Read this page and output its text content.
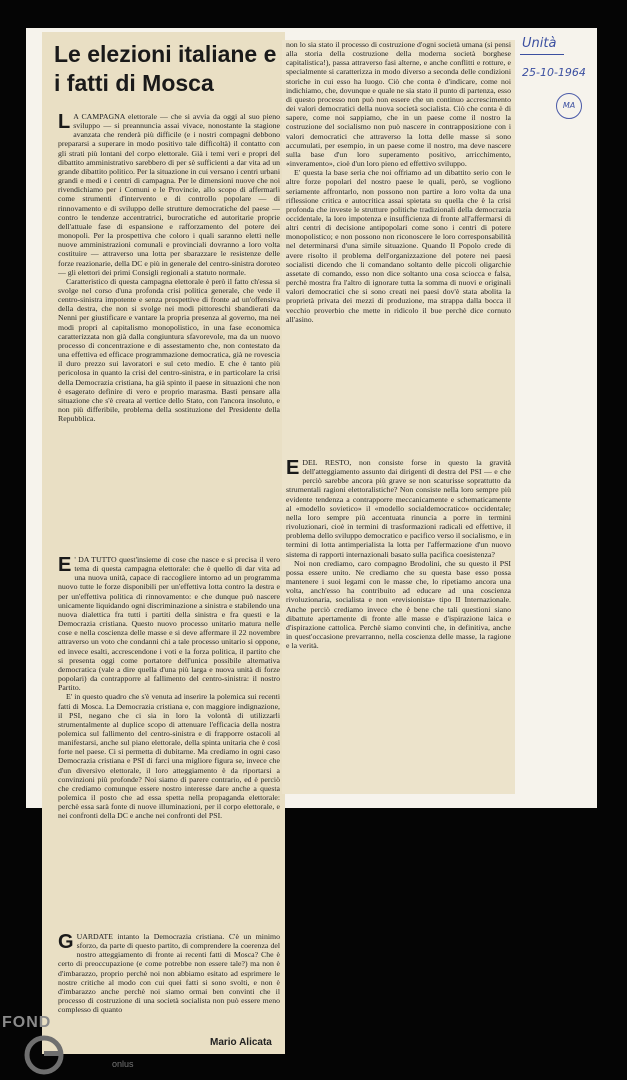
Le elezioni italiane e i fatti di Mosca

L A CAMPAGNA elettorale — che si avvia da oggi al suo pieno sviluppo — si preannuncia assai vivace, nonostante la stagione avanzata che renderà più difficile (e i nostri compagni debbono prepararsi a superare in modo positivo tale difficoltà) il contatto con gli strati più lontani del corpo elettorale. Già i temi veri e propri del dibattito amministrativo sarebbero di per sè sufficienti a dar vita ad un grande dibattito politico. Per la situazione in cui versano i centri urbani grandi e medi e i centri di campagna. Per le dimensioni nuove che noi rivendichiamo per i Comuni e le Provincie, allo scopo di affermarli come strumenti d'intervento e di controllo popolare — di rinnovamento e di sviluppo delle strutture democratiche del paese — contro le tendenze accentratrici, burocratiche ed autoritarie proprie dell'attuale fase di espansione e rafforzamento del potere dei monopoli. Per la prospettiva che coloro i quali saranno eletti nelle nuove amministrazioni comunali e provinciali dovranno a loro volta costituire — attraverso una lotta per sbarazzare le resistenze delle forze reazionarie, della DC e più in generale del centro-sinistra doroteo — gli elettori dei primi Consigli regionali a statuto normale.

Caratteristico di questa campagna elettorale è però il fatto ch'essa si svolge nel corso d'una profonda crisi politica generale, che vede il centro-sinistra impotente e senza prospettive di fronte ad un'offensiva della destra, che non si svolge nei modi pittoreschi sbandierati da Nenni per giustificare e vantare la propria presenza al governo, ma nei modi propri al capitalismo monopolistico, in una fase economica caratterizzata non già dalla congiuntura sfavorevole, ma da un nuovo processo di concentrazione e di assestamento che, non contestato da una effettiva ed efficace programmazione democratica, già ne rovescia il duro prezzo sui lavoratori e sul ceto medio. E che è tanto più pericolosa in quanto la crisi del centro-sinistra, e in particolare la crisi della Democrazia cristiana, ha già spinto il paese in situazioni che non è esagerato definire di vero e proprio marasma. Basti pensare alla situazione che s'è creata al vertice dello Stato, con l'ancora insoluto, e non più differibile, problema della sostituzione del Presidente della Repubblica.

E ' DA TUTTO quest'insieme di cose che nasce e si precisa il vero tema di questa campagna elettorale: che è quello di dar vita ad una nuova unità, capace di raccogliere intorno ad un programma nuovo tutte le forze disponibili per un'effettiva lotta contro la destra e per un'effettiva politica di rinnovamento: e che dunque può nascere unicamente liquidando ogni discriminazione a sinistra e stabilendo una nuova dialettica fra tutti i partiti della sinistra e fra questi e la Democrazia cristiana. Questo nuovo processo unitario matura nelle cose e nella coscienza delle masse e si deve affermare il 22 novembre attraverso un voto che condanni chi a tale processo unitario si oppone, ed invece esalti, accrescendone i voti e la forza politica, il partito che si presenta oggi come portatore dell'unica possibile alternativa democratica (vale a dire quella d'una più larga e nuova unità di forze popolari) da contrapporre al fallimento del centro-sinistra: il nostro Partito.

E' in questo quadro che s'è venuta ad inserire la polemica sui recenti fatti di Mosca. La Democrazia cristiana e, con maggiore indignazione, il PSI, negano che ci sia in loro la volontà di utilizzarli strumentalmente al duplice scopo di attenuare l'efficacia della nostra polemica sul fallimento del centro-sinistra e di frapporre ostacoli al manifestarsi, anche sul piano elettorale, della spinta unitaria che è così forte nel paese. Ci si permetta di dubitarne. Ma crediamo in ogni caso Democrazia cristiana e PSI di farci una migliore figura se, invece che d'un diversivo elettorale, il loro atteggiamento è da riportarsi a convinzioni più profonde? Noi siamo di parere contrario, ed è perciò che crediamo comunque essere nostro interesse dare anche a questa polemica il posto che ad essa spetta nella propaganda elettorale: perchè essa sarà fonte di nuove illuminazioni, per il corpo elettorale, e nei confronti della DC e anche nei confronti del PSI.

GUARDATE intanto la Democrazia cristiana. C'è un minimo sforzo, da parte di questo partito, di comprendere la coerenza del nostro atteggiamento di fronte ai recenti fatti di Mosca? Che è certo di preoccupazione (e come potrebbe non essere tale?) ma non è d'imbarazzo, proprio perchè noi non abbiamo esitato ad esprimere le nostre critiche al modo con cui quei fatti si sono svolti, e non è d'imbarazzo anche perchè noi siamo ormai ben convinti che il processo di costruzione di una società socialista non può essere meno complesso di quanto

Mario Alicata

non lo sia stato il processo di costruzione d'ogni società umana (si pensi alla storia della costruzione della moderna società borghese capitalistica!), passa attraverso fasi alterne, e anche conflitti e rotture, e specialmente si caratterizza in modo diverso a seconda delle condizioni storiche in cui esso ha luogo. Ciò che conta è d'indicare, come noi indichiamo, che, dovunque e quale ne sia stato il punto di partenza, esso di questo processo non può non essere che un continuo accrescimento dei valori democratici della nuova società socialista. Ciò che conta è di sapere, come noi sappiamo, che in un paese come il nostro la costruzione del socialismo non può nascere in contrapposizione con i valori democratici che attraverso la lotta delle masse si sono accumulati, per esempio, in un paese come il nostro, ma deve nascere sulla base d'un loro superamento positivo, arricchimento, «inveramento», cioè d'un loro pieno ed effettivo sviluppo.

E' questa la base seria che noi offriamo ad un dibattito serio con le altre forze popolari del nostro paese le quali, però, se vogliono seriamente affrontarlo, non possono non partire a loro volta da una riflessione critica e autocritica assai spietata su quella che è la crisi profonda che investe le strutture politiche tradizionali della democrazia occidentale, la loro impotenza e insufficienza di fronte all'affermarsi di altri centri di decisione antipopolari come sono i centri di potere monopolistico; e non possono non riconoscere le loro corresponsabilità nel determinarsi d'una simile situazione. Quando Il Popolo crede di avere risolto il problema dell'organizzazione del potere nei paesi socialisti dicendo che li comandano soltanto delle piccoli oligarchie assetate di comando, esso non dice soltanto una cosa sciocca e falsa, perchè mostra fra l'altro di ignorare tutta la somma di nuovi e originali valori democratici che si sono creati nei paesi dov'è stata abolita la proprietà privata dei mezzi di produzione, ma strappa dalla bocca il vecchio proverbio che mette in ridicolo il bue perchè dice cornuto all'asino.

E DEL RESTO, non consiste forse in questo la gravità dell'atteggiamento assunto dai dirigenti di destra del PSI — e che perciò sarebbe ancora più grave se non scaturisse soprattutto da strumentali ragioni elettoralistiche? Non consiste nella loro sempre più evidente tendenza a contrapporre meccanicamente e schematicamente al «modello sovietico» il «modello socialdemocratico» occidentale; nella loro sempre più accentuata rinuncia a porre in termini rivoluzionari, cioè in termini di trasformazioni radicali ed effettive, il problema dello sviluppo democratico e pacifico verso il socialismo, e in termini di lotta antimperialista la lotta per l'affermazione d'un nuovo sistema di rapporti internazionali basato sulla pacifica coesistenza?

Noi non crediamo, caro compagno Brodolini, che su questo il PSI possa essere unito. Ne crediamo che su questa base esso possa mantenere i suoi legami con le masse che, lo ripetiamo ancora una volta, anch'esso ha contribuito ad educare ad una coscienza rivoluzionaria, socialista e non «revisionista» tipo II Internazionale. Anche perciò crediamo invece che è bene che tali questioni siano dibattute apertamente di fronte alle masse e d'ispirazione laica e d'ispirazione cattolica. Perchè siamo convinti che, in definitiva, anche in quest'occasione prevarranno, nella coscienza delle masse, la ragione e la verità.

Unità
25-10-1964
MA
FOND
onlus
